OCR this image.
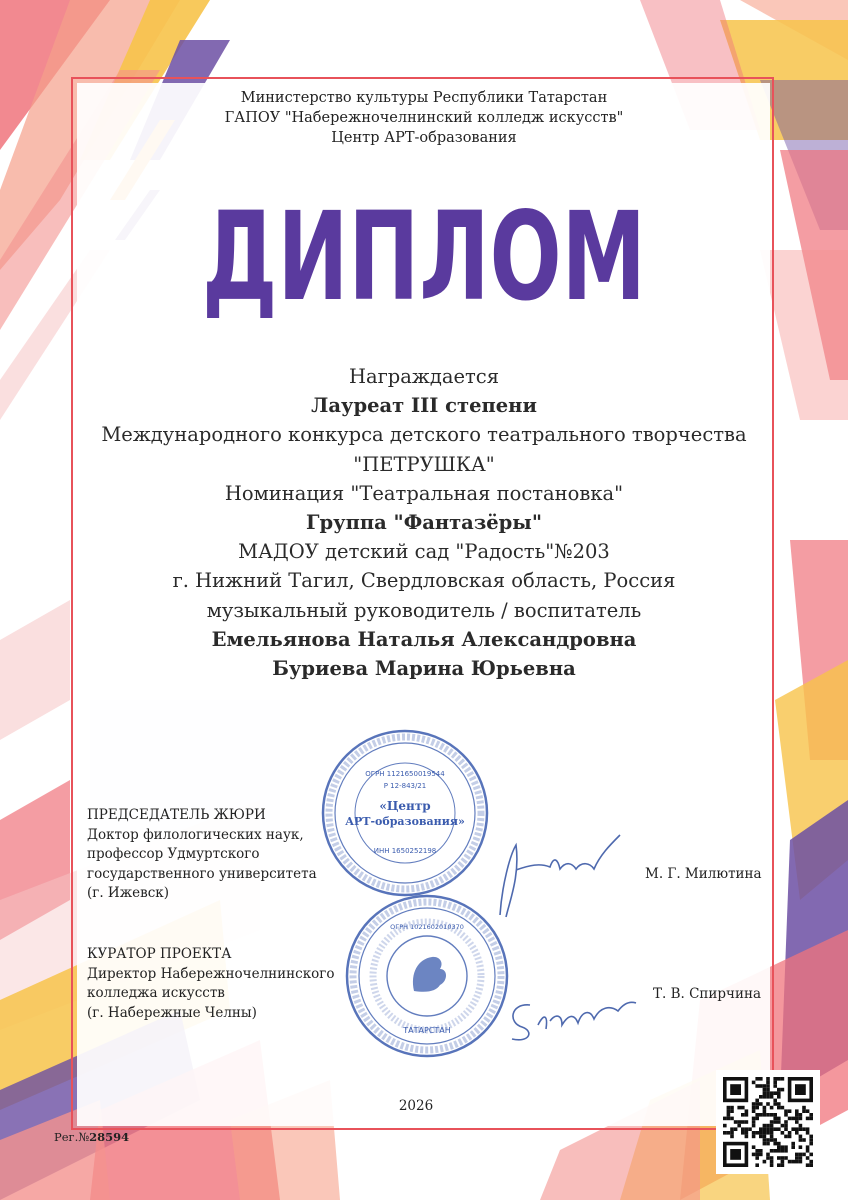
Министерство культуры Республики Татарстан
ГАПОУ "Набережночелнинский колледж искусств"
Центр АРТ-образования
ДИПЛОМ
Награждается
Лауреат III степени
Международного конкурса детского театрального творчества
"ПЕТРУШКА"
Номинация "Театральная постановка"
Группа "Фантазёры"
МАДОУ детский сад "Радость"№203
г. Нижний Тагил, Свердловская область, Россия
музыкальный руководитель / воспитатель
Емельянова Наталья Александровна
Буриева Марина Юрьевна
Р 12-843/21
ОГРН 1121650019544
«Центр
АРТ-образования»
ИНН 1650252198
ТАТАРСТАН
ОГРН 1021602010370
ПРЕДСЕДАТЕЛЬ ЖЮРИ
Доктор филологических наук,
профессор Удмуртского
государственного университета
(г. Ижевск)
М. Г. Милютина
КУРАТОР ПРОЕКТА
Директор Набережночелнинского
колледжа искусств
(г. Набережные Челны)
Т. В. Спирчина
2026
Рег.№28594
